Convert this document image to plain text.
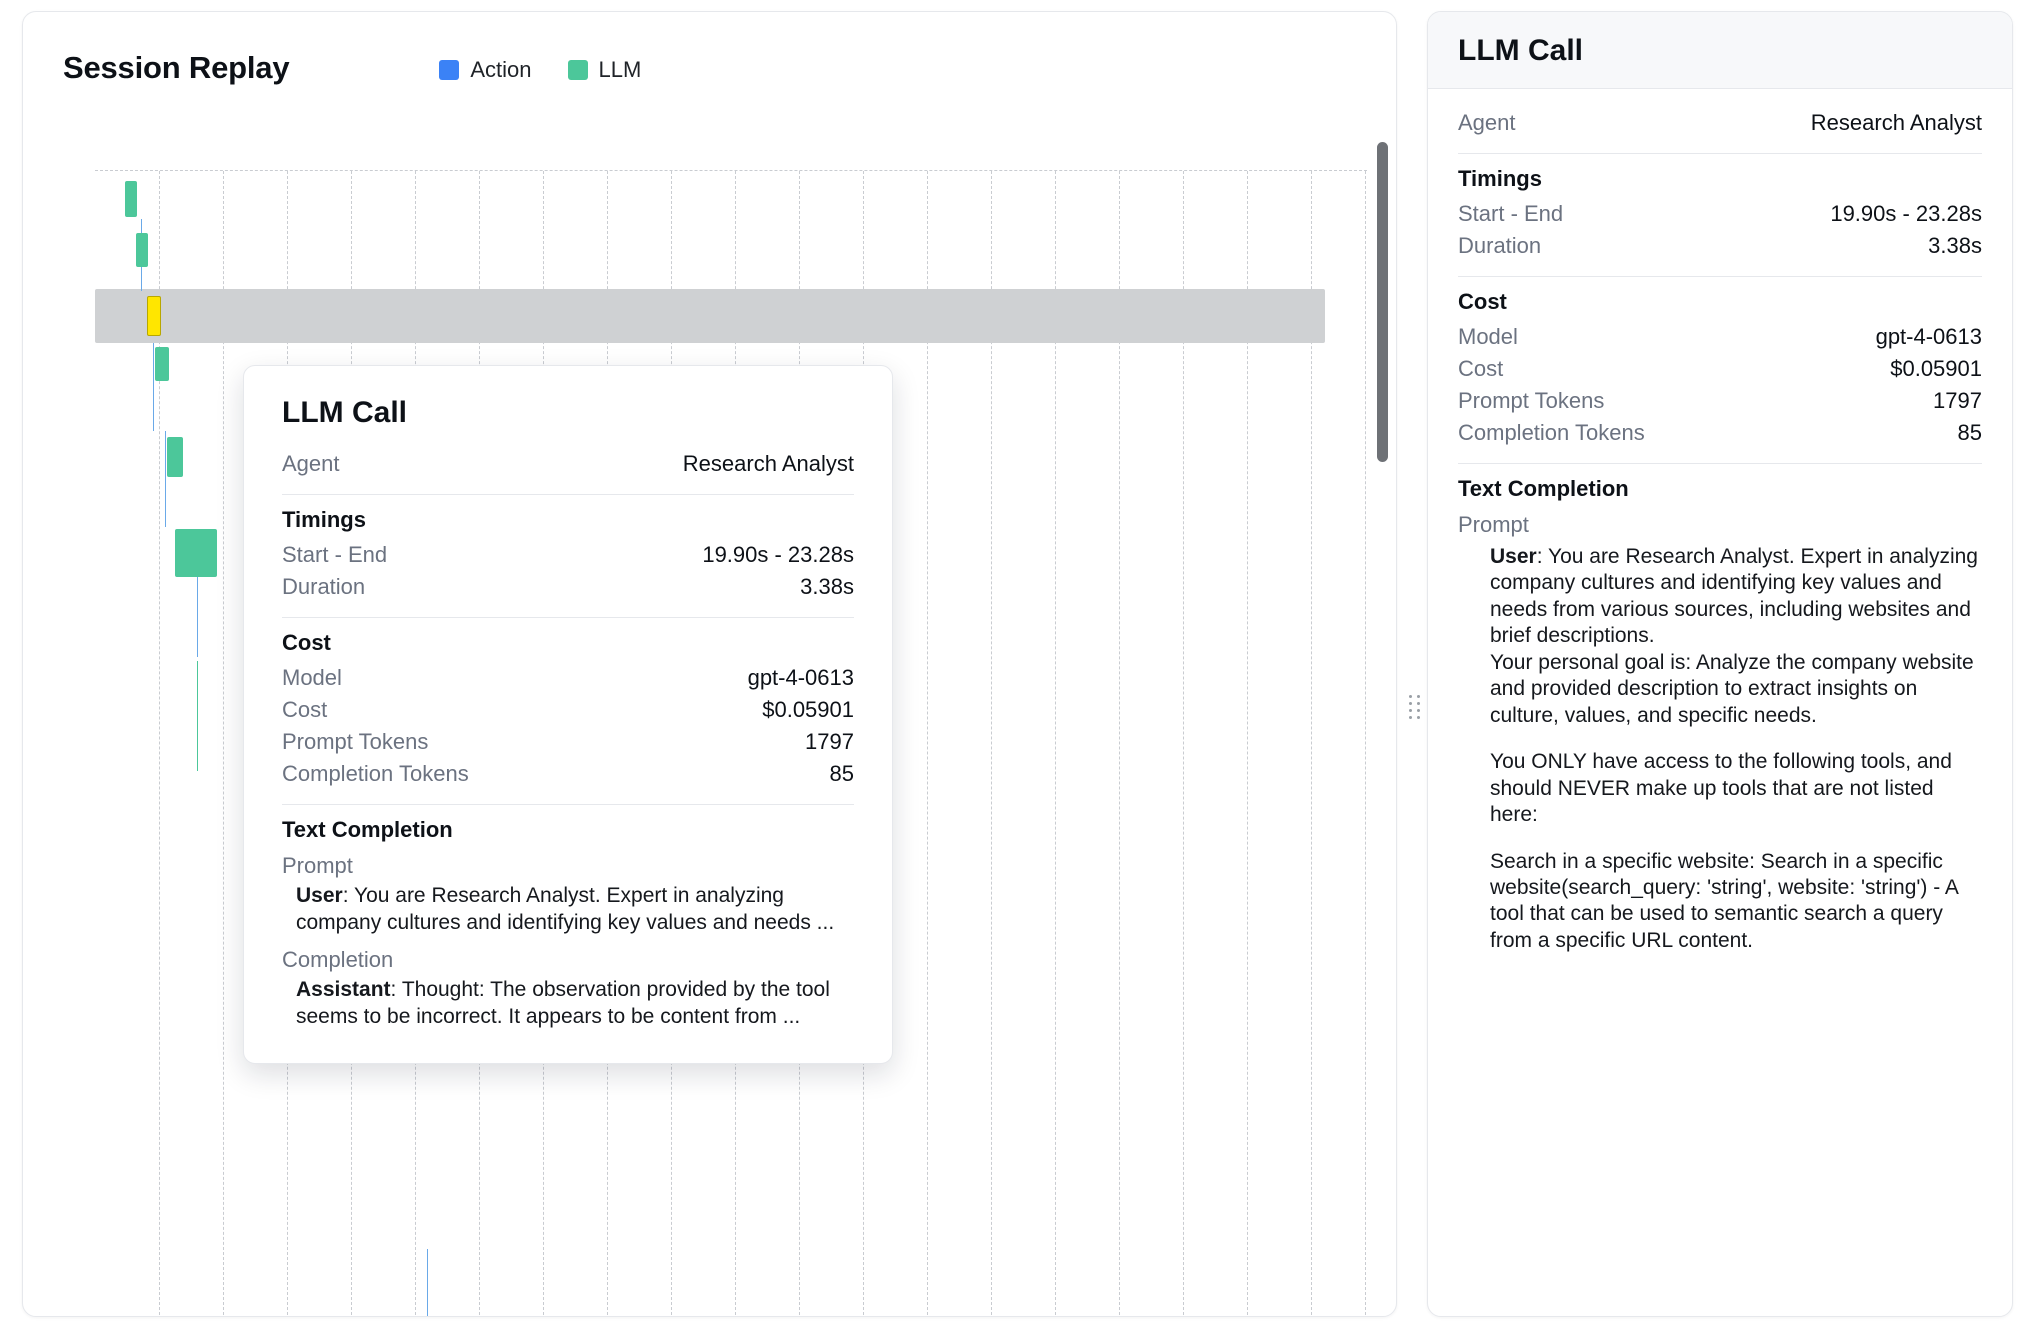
Session Replay	Action	LLM
LLM Call
Agent	Research Analyst
Timings
Start - End	19.90s - 23.28s
Duration	3.38s
Cost
Model	gpt-4-0613
Cost	$0.05901
Prompt Tokens	1797
Completion Tokens	85
Text Completion
Prompt

User: You are Research Analyst. Expert in analyzing company cultures and identifying key values and needs ...

Completion

Assistant: Thought: The observation provided by the tool seems to be incorrect. It appears to be content from ...

LLM Call
Agent	Research Analyst
Timings
Start - End	19.90s - 23.28s
Duration	3.38s
Cost
Model	gpt-4-0613
Cost	$0.05901
Prompt Tokens	1797
Completion Tokens	85
Text Completion
Prompt

User: You are Research Analyst. Expert in analyzing company cultures and identifying key values and needs from various sources, including websites and brief descriptions.
Your personal goal is: Analyze the company website and provided description to extract insights on culture, values, and specific needs.

You ONLY have access to the following tools, and should NEVER make up tools that are not listed here:

Search in a specific website: Search in a specific website(search_query: 'string', website: 'string') - A tool that can be used to semantic search a query from a specific URL content.
